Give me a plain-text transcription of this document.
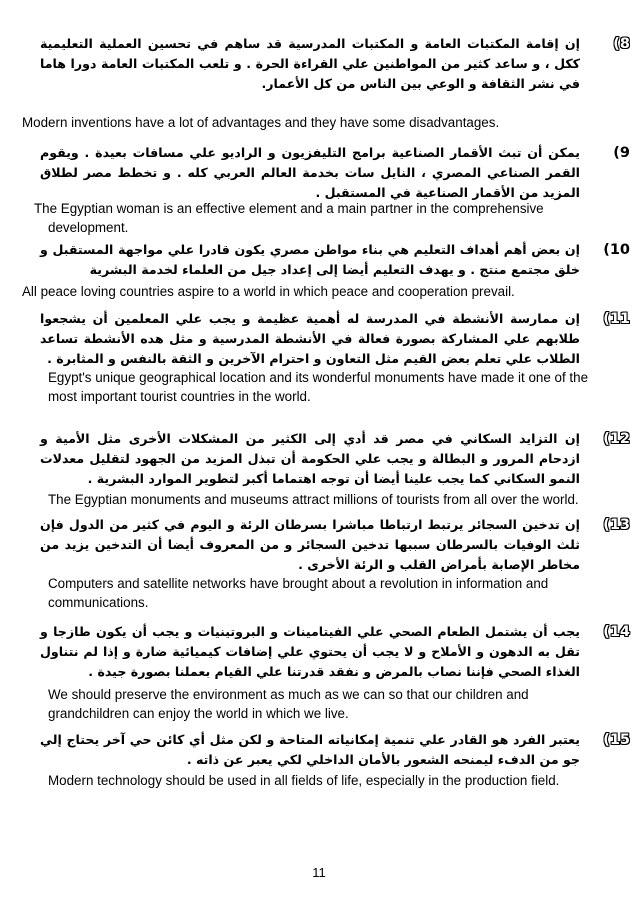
(8

إن إقامة المكتبات العامة و المكتبات المدرسية قد ساهم في تحسين العملية التعليمية ككل ، و ساعد كثير من المواطنين علي القراءة الحرة . و تلعب المكتبات العامة دورا هاما في نشر الثقافة و الوعي بين الناس من كل الأعمار.

Modern inventions have a lot of advantages and they have some disadvantages.

(9

يمكن أن تبث الأقمار الصناعية برامج التليفزيون و الراديو علي مسافات بعيدة . ويقوم القمر الصناعي المصري ، النايل سات بخدمة العالم العربي كله . و تخطط مصر لطلاق المزيد من الأقمار الصناعية في المستقبل .

The Egyptian woman is an effective element and a main partner in the comprehensive development.

(10

إن بعض أهم أهداف التعليم هي بناء مواطن مصري يكون قادرا علي مواجهة المستقبل و خلق مجتمع منتج . و يهدف التعليم أيضا إلى إعداد جيل من العلماء لخدمة البشرية

All peace loving countries aspire to a world in which peace and cooperation prevail.

(11

إن ممارسة الأنشطة في المدرسة له أهمية عظيمة و يجب علي المعلمين أن يشجعوا طلابهم علي المشاركة بصورة فعالة في الأنشطة المدرسية و مثل هده الأنشطة تساعد الطلاب علي تعلم بعض القيم مثل التعاون و احترام الآخرين و الثقة بالنفس و المثابرة .

Egypt's unique geographical location and its wonderful monuments have made it one of the most important tourist countries in the world.

(12

إن التزايد السكاني في مصر قد أدي إلى الكثير من المشكلات الأخرى مثل الأمية و ازدحام المرور و البطالة و يجب علي الحكومة أن تبذل المزيد من الجهود لتقليل معدلات النمو السكاني كما يجب علينا أيضا أن توجه اهتماما أكبر لتطوير الموارد البشرية .

The Egyptian monuments and museums attract millions of tourists from all over the world.

(13

إن تدخين السجائر يرتبط ارتباطا مباشرا بسرطان الرئة و اليوم في كثير من الدول فإن ثلث الوفيات بالسرطان سببها تدخين السجائر و من المعروف أيضا أن التدخين يزيد من مخاطر الإصابة بأمراض القلب و الرئة الأخرى .

Computers and satellite networks have brought about a revolution in information and communications.

(14

يجب أن يشتمل الطعام الصحي علي الفيتامينات و البروتينيات و يجب أن يكون طازجا و تقل به الدهون و الأملاح و لا يجب أن يحتوي علي إضافات كيميائية ضارة و إذا لم نتناول الغذاء الصحي فإننا نصاب بالمرض و نفقد قدرتنا علي القيام بعملنا بصورة جيدة .

We should preserve the environment as much as we can so that our children and grandchildren can enjoy the world in which we live.

(15

يعتبر الفرد هو القادر علي تنمية إمكانياته المتاحة و لكن مثل أي كائن حي آخر يحتاج إلي جو من الدفء ليمنحه الشعور بالأمان الداخلي لكي يعبر عن ذاته .

Modern technology should be used in all fields of life, especially in the production field.

11
